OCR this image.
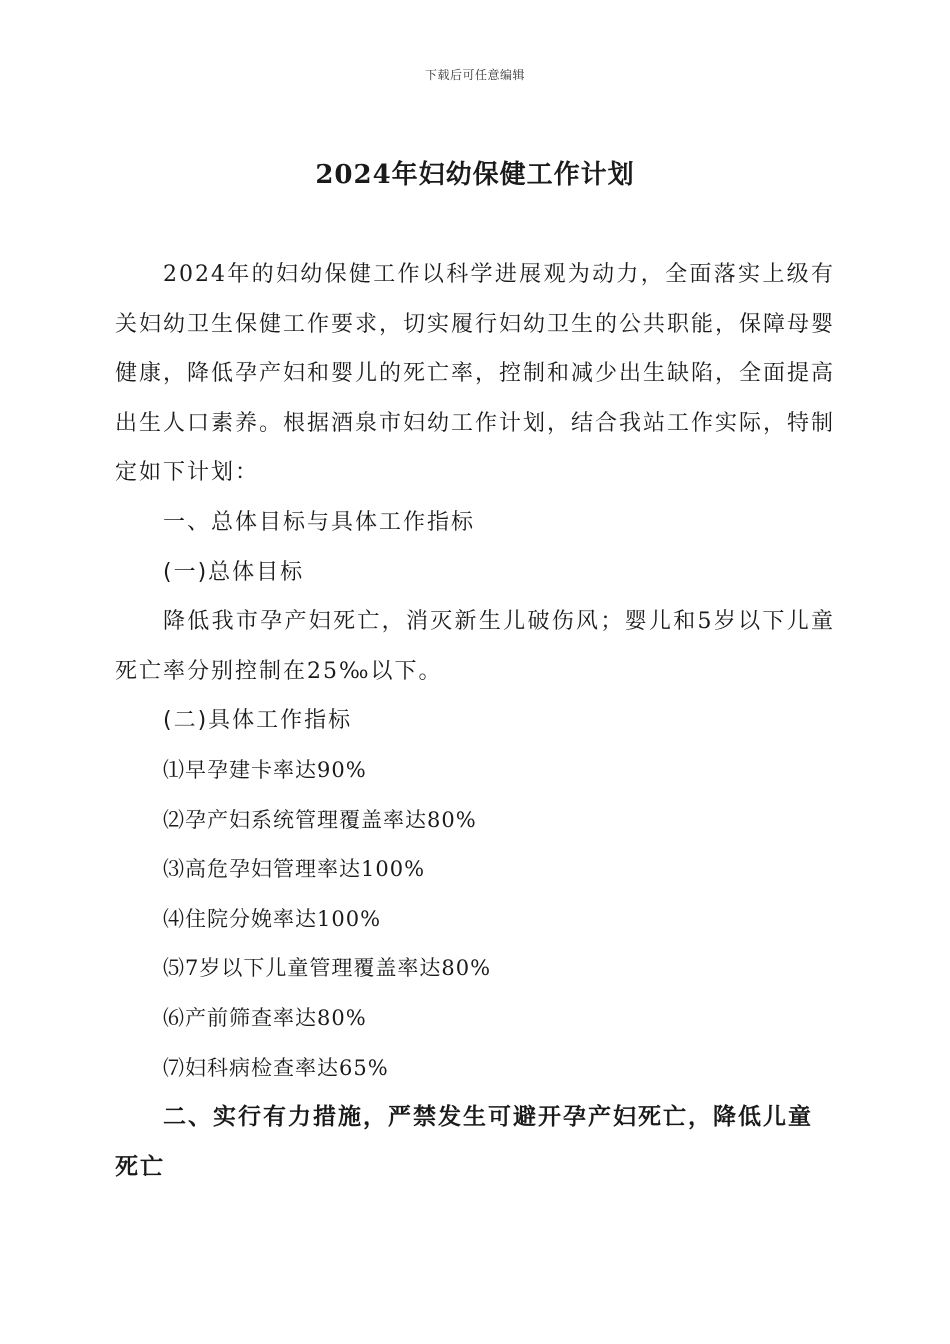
下载后可任意编辑
2024年妇幼保健工作计划

2024年的妇幼保健工作以科学进展观为动力，全面落实上级有关妇幼卫生保健工作要求，切实履行妇幼卫生的公共职能，保障母婴健康，降低孕产妇和婴儿的死亡率，控制和减少出生缺陷，全面提高出生人口素养。根据酒泉市妇幼工作计划，结合我站工作实际，特制定如下计划：

一、总体目标与具体工作指标

(一)总体目标

降低我市孕产妇死亡，消灭新生儿破伤风；婴儿和5岁以下儿童死亡率分别控制在25‰以下。

(二)具体工作指标

⑴早孕建卡率达90%

⑵孕产妇系统管理覆盖率达80%

⑶高危孕妇管理率达100%

⑷住院分娩率达100%

⑸7岁以下儿童管理覆盖率达80%

⑹产前筛查率达80%

⑺妇科病检查率达65%

二、实行有力措施，严禁发生可避开孕产妇死亡，降低儿童死亡
